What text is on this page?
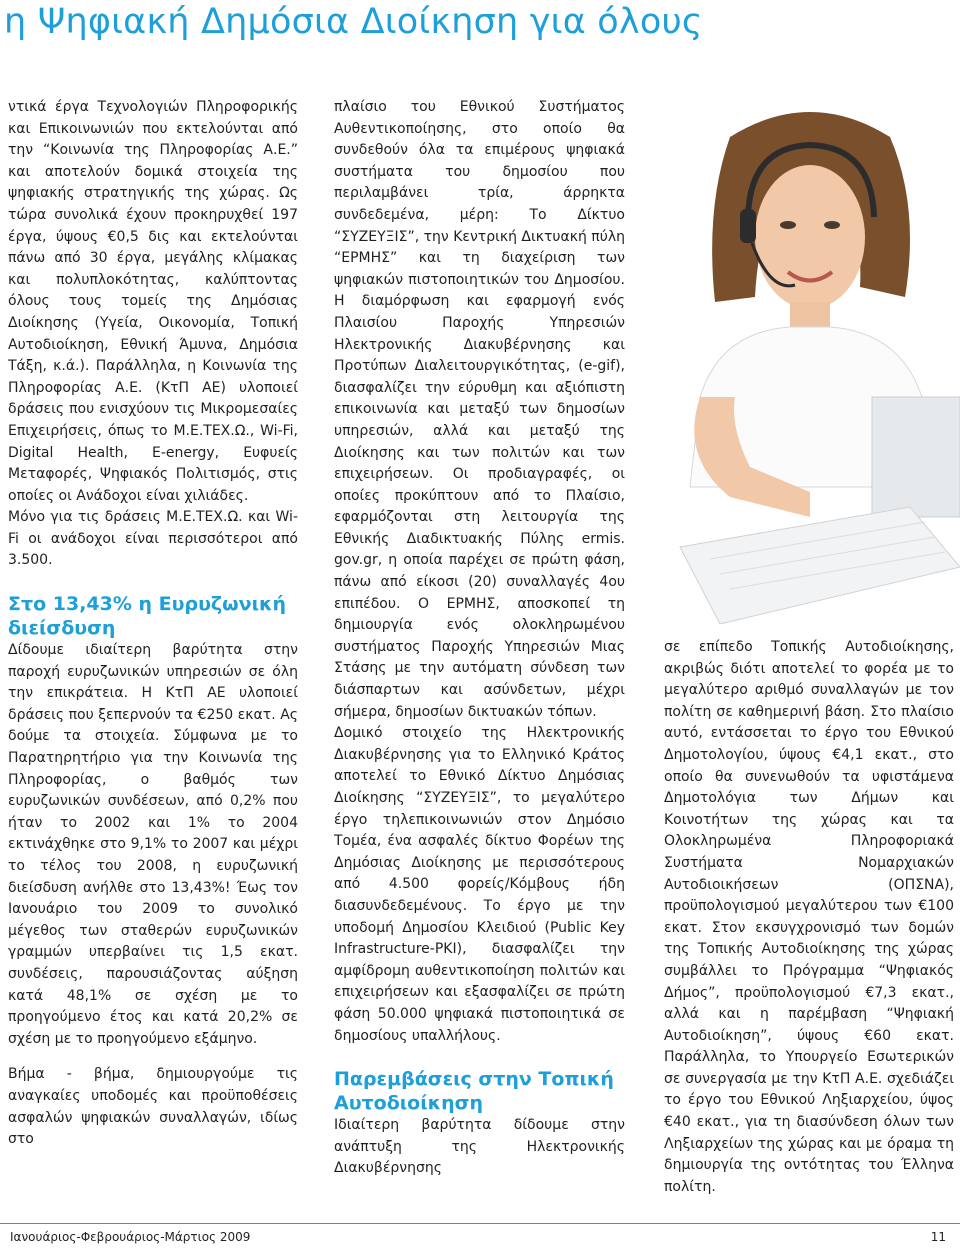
η Ψηφιακή Δημόσια Διοίκηση για όλους

ντικά έργα Τεχνολογιών Πληροφορικής και Επικοινωνιών που εκτελούνται από την “Κοινωνία της Πληροφορίας Α.Ε.” και αποτελούν δομικά στοιχεία της ψηφιακής στρατηγικής της χώρας. Ως τώρα συνολικά έχουν προκηρυχθεί 197 έργα, ύψους €0,5 δις και εκτελούνται πάνω από 30 έργα, μεγάλης κλίμακας και πολυπλοκότητας, καλύπτοντας όλους τους τομείς της Δημόσιας Διοίκησης (Υγεία, Οικονομία, Τοπική Αυτοδιοίκηση, Εθνική Άμυνα, Δημόσια Τάξη, κ.ά.). Παράλληλα, η Κοινωνία της Πληροφορίας Α.Ε. (ΚτΠ ΑΕ) υλοποιεί δράσεις που ενισχύουν τις Μικρομεσαίες Επιχειρήσεις, όπως το Μ.Ε.ΤΕΧ.Ω., Wi-Fi, Digital Health, E-energy, Ευφυείς Μεταφορές, Ψηφιακός Πολιτισμός, στις οποίες οι Ανάδοχοι είναι χιλιάδες.

Μόνο για τις δράσεις Μ.Ε.ΤΕΧ.Ω. και Wi-Fi οι ανάδοχοι είναι περισσότεροι από 3.500.

Στο 13,43% η Ευρυζωνική διείσδυση

Δίδουμε ιδιαίτερη βαρύτητα στην παροχή ευρυζωνικών υπηρεσιών σε όλη την επικράτεια. Η ΚτΠ ΑΕ υλοποιεί δράσεις που ξεπερνούν τα €250 εκατ. Ας δούμε τα στοιχεία. Σύμφωνα με το Παρατηρητήριο για την Κοινωνία της Πληροφορίας, ο βαθμός των ευρυζωνικών συνδέσεων, από 0,2% που ήταν το 2002 και 1% το 2004 εκτινάχθηκε στο 9,1% το 2007 και μέχρι το τέλος του 2008, η ευρυζωνική διείσδυση ανήλθε στο 13,43%! Έως τον Ιανουάριο του 2009 το συνολικό μέγεθος των σταθερών ευρυζωνικών γραμμών υπερβαίνει τις 1,5 εκατ. συνδέσεις, παρουσιάζοντας αύξηση κατά 48,1% σε σχέση με το προηγούμενο έτος και κατά 20,2% σε σχέση με το προηγούμενο εξάμηνο.

Βήμα - βήμα, δημιουργούμε τις αναγκαίες υποδομές και προϋποθέσεις ασφαλών ψηφιακών συναλλαγών, ιδίως στο

πλαίσιο του Εθνικού Συστήματος Αυθεντικοποίησης, στο οποίο θα συνδεθούν όλα τα επιμέρους ψηφιακά συστήματα του δημοσίου που περιλαμβάνει τρία, άρρηκτα συνδεδεμένα, μέρη: Το Δίκτυο “ΣΥΖΕΥΞΙΣ”, την Κεντρική Δικτυακή πύλη “ΕΡΜΗΣ” και τη διαχείριση των ψηφιακών πιστοποιητικών του Δημοσίου. Η διαμόρφωση και εφαρμογή ενός Πλαισίου Παροχής Υπηρεσιών Ηλεκτρονικής Διακυβέρνησης και Προτύπων Διαλειτουργικότητας, (e-gif), διασφαλίζει την εύρυθμη και αξιόπιστη επικοινωνία και μεταξύ των δημοσίων υπηρεσιών, αλλά και μεταξύ της Διοίκησης και των πολιτών και των επιχειρήσεων. Οι προδιαγραφές, οι οποίες προκύπτουν από το Πλαίσιο, εφαρμόζονται στη λειτουργία της Εθνικής Διαδικτυακής Πύλης ermis. gov.gr, η οποία παρέχει σε πρώτη φάση, πάνω από είκοσι (20) συναλλαγές 4ου επιπέδου. Ο ΕΡΜΗΣ, αποσκοπεί τη δημιουργία ενός ολοκληρωμένου συστήματος Παροχής Υπηρεσιών Μιας Στάσης με την αυτόματη σύνδεση των διάσπαρτων και ασύνδετων, μέχρι σήμερα, δημοσίων δικτυακών τόπων.

Δομικό στοιχείο της Ηλεκτρονικής Διακυβέρνησης για το Ελληνικό Κράτος αποτελεί το Εθνικό Δίκτυο Δημόσιας Διοίκησης “ΣΥΖΕΥΞΙΣ”, το μεγαλύτερο έργο τηλεπικοινωνιών στον Δημόσιο Τομέα, ένα ασφαλές δίκτυο Φορέων της Δημόσιας Διοίκησης με περισσότερους από 4.500 φορείς/Κόμβους ήδη διασυνδεδεμένους. Το έργο με την υποδομή Δημοσίου Κλειδιού (Public Key Infrastructure-PKI), διασφαλίζει την αμφίδρομη αυθεντικοποίηση πολιτών και επιχειρήσεων και εξασφαλίζει σε πρώτη φάση 50.000 ψηφιακά πιστοποιητικά σε δημοσίους υπαλλήλους.

Παρεμβάσεις στην Τοπική Αυτοδιοίκηση

Ιδιαίτερη βαρύτητα δίδουμε στην ανάπτυξη της Ηλεκτρονικής Διακυβέρνησης

σε επίπεδο Τοπικής Αυτοδιοίκησης, ακριβώς διότι αποτελεί το φορέα με το μεγαλύτερο αριθμό συναλλαγών με τον πολίτη σε καθημερινή βάση. Στο πλαίσιο αυτό, εντάσσεται το έργο του Εθνικού Δημοτολογίου, ύψους €4,1 εκατ., στο οποίο θα συνενωθούν τα υφιστάμενα Δημοτολόγια των Δήμων και Κοινοτήτων της χώρας και τα Ολοκληρωμένα Πληροφοριακά Συστήματα Νομαρχιακών Αυτοδιοικήσεων (ΟΠΣΝΑ), προϋπολογισμού μεγαλύτερου των €100 εκατ. Στον εκσυγχρονισμό των δομών της Τοπικής Αυτοδιοίκησης της χώρας συμβάλλει το Πρόγραμμα “Ψηφιακός Δήμος”, προϋπολογισμού €7,3 εκατ., αλλά και η παρέμβαση “Ψηφιακή Αυτοδιοίκηση”, ύψους €60 εκατ. Παράλληλα, το Υπουργείο Εσωτερικών σε συνεργασία με την ΚτΠ Α.Ε. σχεδιάζει το έργο του Εθνικού Ληξιαρχείου, ύψος €40 εκατ., για τη διασύνδεση όλων των Ληξιαρχείων της χώρας και με όραμα τη δημιουργία της οντότητας του Έλληνα πολίτη.

Ιανουάριος-Φεβρουάριος-Μάρτιος 2009	11
